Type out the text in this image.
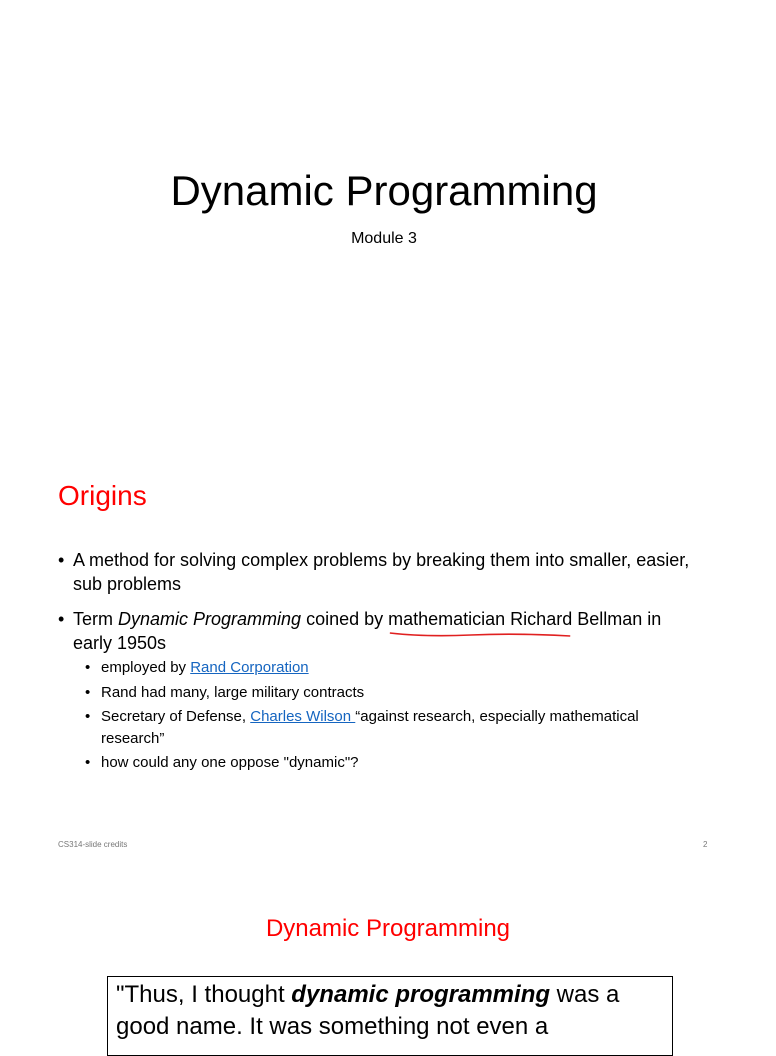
Dynamic Programming
Module 3
Origins
• A method for solving complex problems by breaking them into smaller, easier, sub problems
• Term Dynamic Programming coined by mathematician Richard
Bellman in early 1950s
• employed by Rand Corporation
• Rand had many, large military contracts
• Secretary of Defense, Charles Wilson “against research, especially mathematical research”
• how could any one oppose "dynamic"?
CS314-slide credits	2
Dynamic Programming
"Thus, I thought dynamic programming was a good name. It was something not even a
